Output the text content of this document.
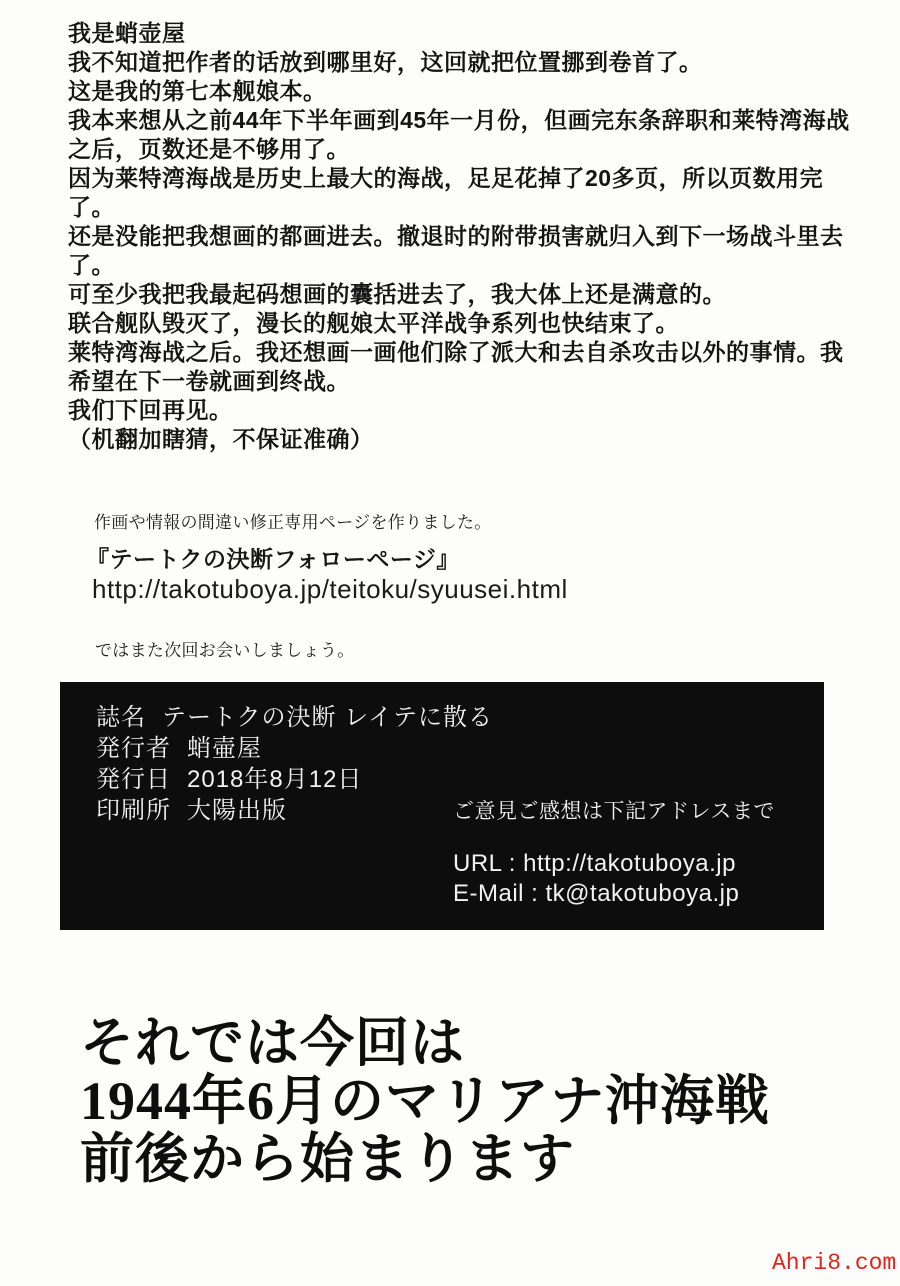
我是蛸壶屋
我不知道把作者的话放到哪里好，这回就把位置挪到卷首了。
这是我的第七本舰娘本。
我本来想从之前44年下半年画到45年一月份，但画完东条辞职和莱特湾海战
之后，页数还是不够用了。
因为莱特湾海战是历史上最大的海战，足足花掉了20多页，所以页数用完
了。
还是没能把我想画的都画进去。撤退时的附带损害就归入到下一场战斗里去
了。
可至少我把我最起码想画的囊括进去了，我大体上还是满意的。
联合舰队毁灭了，漫长的舰娘太平洋战争系列也快结束了。
莱特湾海战之后。我还想画一画他们除了派大和去自杀攻击以外的事情。我
希望在下一卷就画到终战。
我们下回再见。
（机翻加瞎猜，不保证准确）
作画や情報の間違い修正専用ページを作りました。
『テートクの決断フォローページ』
http://takotuboya.jp/teitoku/syuusei.html
ではまた次回お会いしましょう。
誌名 テートクの決断 レイテに散る
発行者 蛸壷屋
発行日 2018年8月12日
印刷所 大陽出版	ご意見ご感想は下記アドレスまで
URL : http://takotuboya.jp
E-Mail : tk@takotuboya.jp
それでは今回は
1944年6月のマリアナ沖海戦
前後から始まります
Ahri8.com
